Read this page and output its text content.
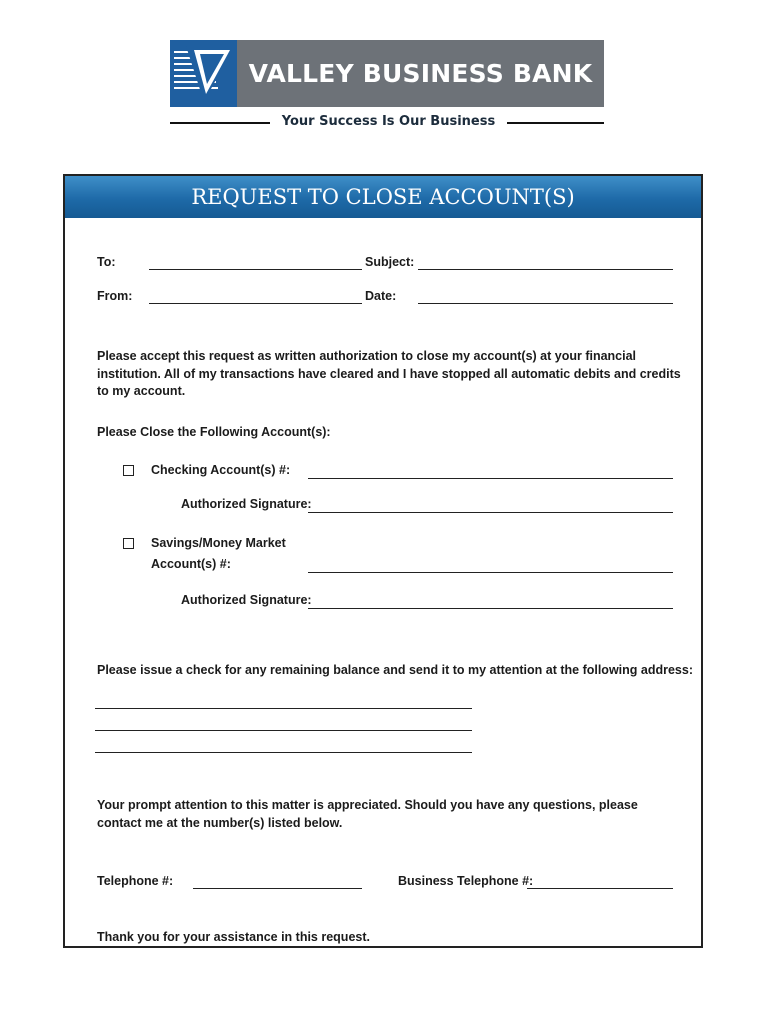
VALLEY BUSINESS BANK
Your Success Is Our Business
REQUEST TO CLOSE ACCOUNT(S)
To:	Subject:
From:	Date:
Please accept this request as written authorization to close my account(s) at your financial institution. All of my transactions have cleared and I have stopped all automatic debits and credits to my account.
Please Close the Following Account(s):
Checking Account(s) #:
Authorized Signature:
Savings/Money Market
Account(s) #:
Authorized Signature:
Please issue a check for any remaining balance and send it to my attention at the following address:
Your prompt attention to this matter is appreciated. Should you have any questions, please contact me at the number(s) listed below.
Telephone #:	Business Telephone #:
Thank you for your assistance in this request.
